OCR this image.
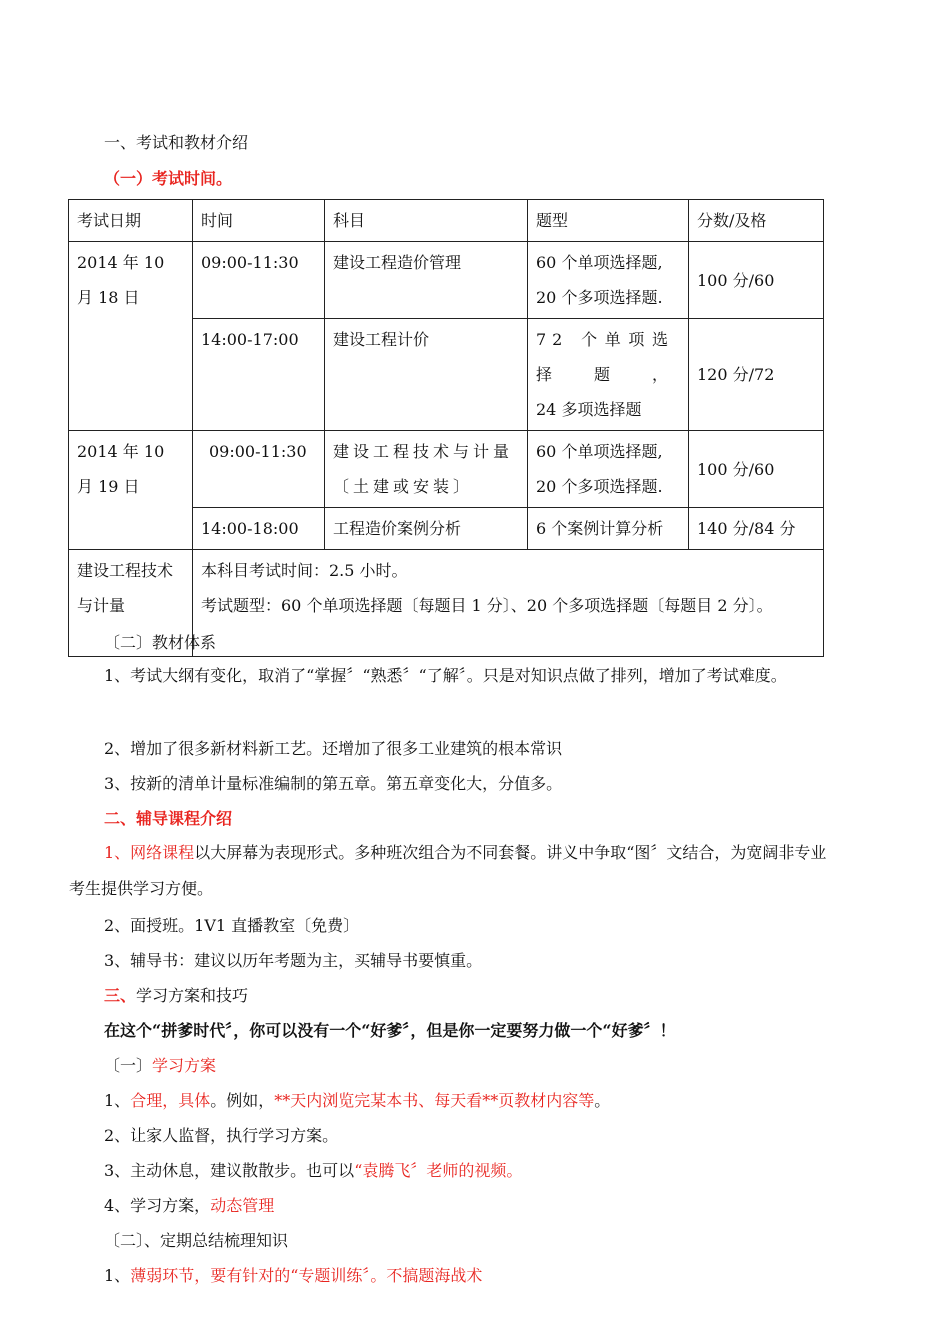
一、考试和教材介绍
（一）考试时间。
考试日期	时间	科目	题型	分数/及格
2014 年 10 月 18 日	09:00-11:30	建设工程造价管理	60 个单项选择题,
20 个多项选择题.	100 分/60
	14:00-17:00	建设工程计价	72 个单项选择题，
24 多项选择题	120 分/72
2014 年 10 月 19 日	09:00-11:30	建设工程技术与计量〔土建或安装〕	60 个单项选择题,
20 个多项选择题.	100 分/60
	14:00-18:00	工程造价案例分析	6 个案例计算分析	140 分/84 分
建设工程技术与计量	本科目考试时间：2.5 小时。
考试题型：60 个单项选择题〔每题目 1 分〕、20 个多项选择题〔每题目 2 分〕。			
〔二〕教材体系
1、考试大纲有变化，取消了“掌握〞“熟悉〞“了解〞。只是对知识点做了排列，增加了考试难度。
2、增加了很多新材料新工艺。还增加了很多工业建筑的根本常识
3、按新的清单计量标准编制的第五章。第五章变化大，分值多。
二、辅导课程介绍
1、网络课程以大屏幕为表现形式。多种班次组合为不同套餐。讲义中争取“图〞文结合，为宽阔非专业考生提供学习方便。
2、面授班。1V1 直播教室〔免费〕
3、辅导书：建议以历年考题为主，买辅导书要慎重。
三、学习方案和技巧
在这个“拼爹时代〞，你可以没有一个“好爹〞，但是你一定要努力做一个“好爹〞！
〔一〕学习方案
1、合理，具体。例如，**天内浏览完某本书、每天看**页教材内容等。
2、让家人监督，执行学习方案。
3、主动休息，建议散散步。也可以“袁腾飞〞老师的视频。
4、学习方案，动态管理
〔二〕、定期总结梳理知识
1、薄弱环节，要有针对的“专题训练〞。不搞题海战术
